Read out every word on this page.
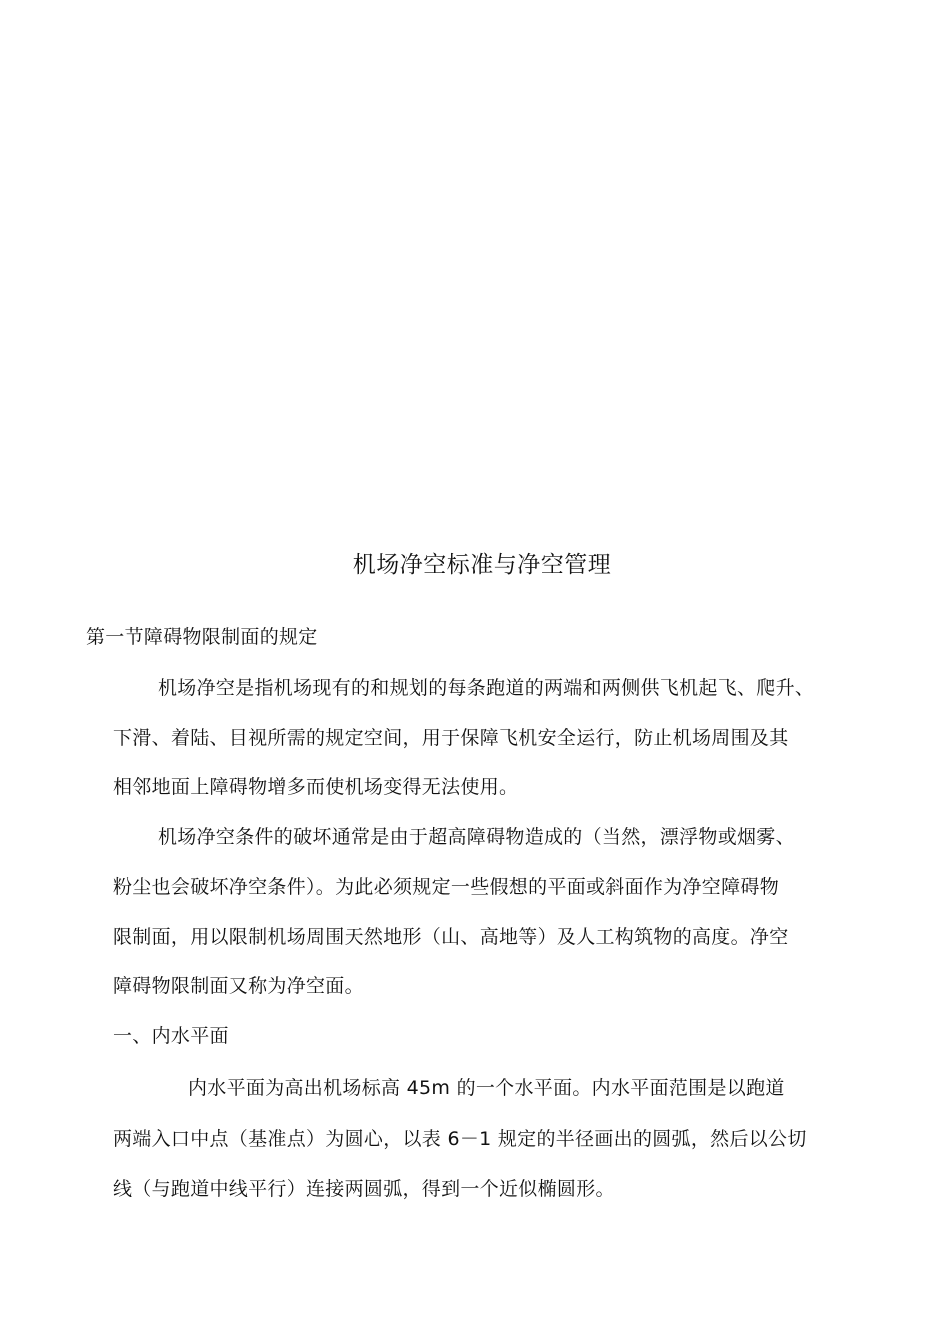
机场净空标准与净空管理
第一节障碍物限制面的规定
机场净空是指机场现有的和规划的每条跑道的两端和两侧供飞机起飞、爬升、
下滑、着陆、目视所需的规定空间，用于保障飞机安全运行，防止机场周围及其
相邻地面上障碍物增多而使机场变得无法使用。
机场净空条件的破坏通常是由于超高障碍物造成的（当然，漂浮物或烟雾、
粉尘也会破坏净空条件）。为此必须规定一些假想的平面或斜面作为净空障碍物
限制面，用以限制机场周围天然地形（山、高地等）及人工构筑物的高度。净空
障碍物限制面又称为净空面。
一、内水平面
内水平面为高出机场标高 45m 的一个水平面。内水平面范围是以跑道
两端入口中点（基准点）为圆心，以表 6－1 规定的半径画出的圆弧，然后以公切
线（与跑道中线平行）连接两圆弧，得到一个近似椭圆形。
